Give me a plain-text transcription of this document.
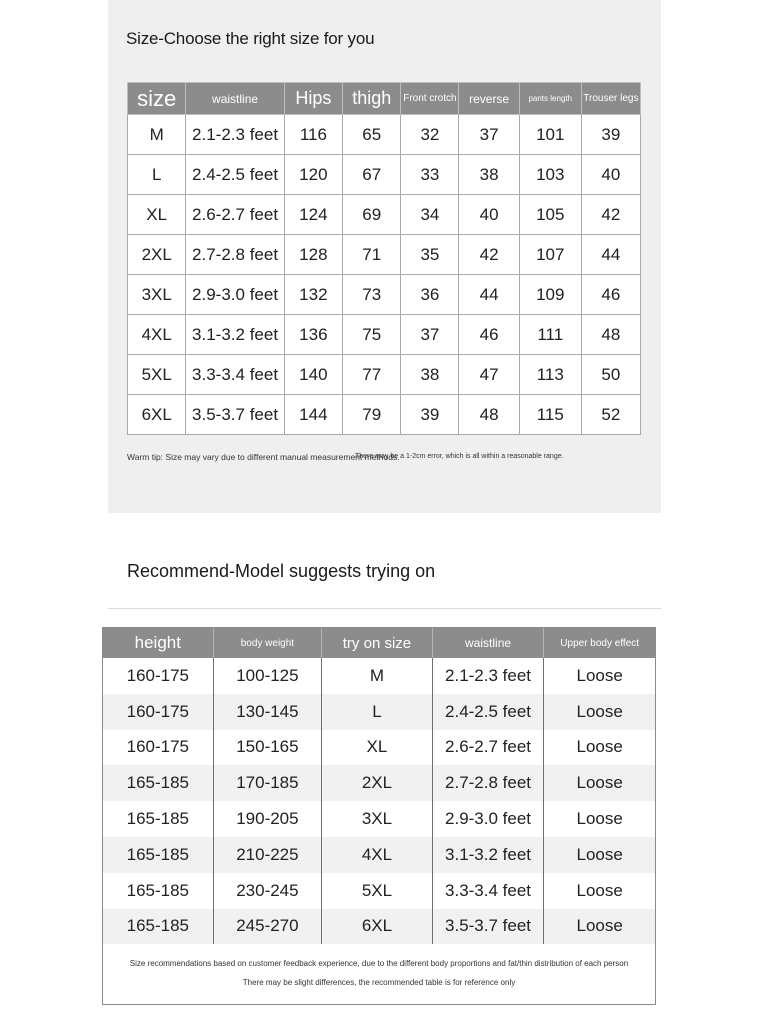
Size-Choose the right size for you
size	waistline	Hips	thigh	Front crotch	reverse	pants length	Trouser legs
M	2.1-2.3 feet	116	65	32	37	101	39
L	2.4-2.5 feet	120	67	33	38	103	40
XL	2.6-2.7 feet	124	69	34	40	105	42
2XL	2.7-2.8 feet	128	71	35	42	107	44
3XL	2.9-3.0 feet	132	73	36	44	109	46
4XL	3.1-3.2 feet	136	75	37	46	111	48
5XL	3.3-3.4 feet	140	77	38	47	113	50
6XL	3.5-3.7 feet	144	79	39	48	115	52
Warm tip: Size may vary due to different manual measurement methods.
There may be a 1-2cm error, which is all within a reasonable range.
Recommend-Model suggests trying on
height	body weight	try on size	waistline	Upper body effect
160-175	100-125	M	2.1-2.3 feet	Loose
160-175	130-145	L	2.4-2.5 feet	Loose
160-175	150-165	XL	2.6-2.7 feet	Loose
165-185	170-185	2XL	2.7-2.8 feet	Loose
165-185	190-205	3XL	2.9-3.0 feet	Loose
165-185	210-225	4XL	3.1-3.2 feet	Loose
165-185	230-245	5XL	3.3-3.4 feet	Loose
165-185	245-270	6XL	3.5-3.7 feet	Loose
Size recommendations based on customer feedback experience, due to the different body proportions and fat/thin distribution of each person
There may be slight differences, the recommended table is for reference only
